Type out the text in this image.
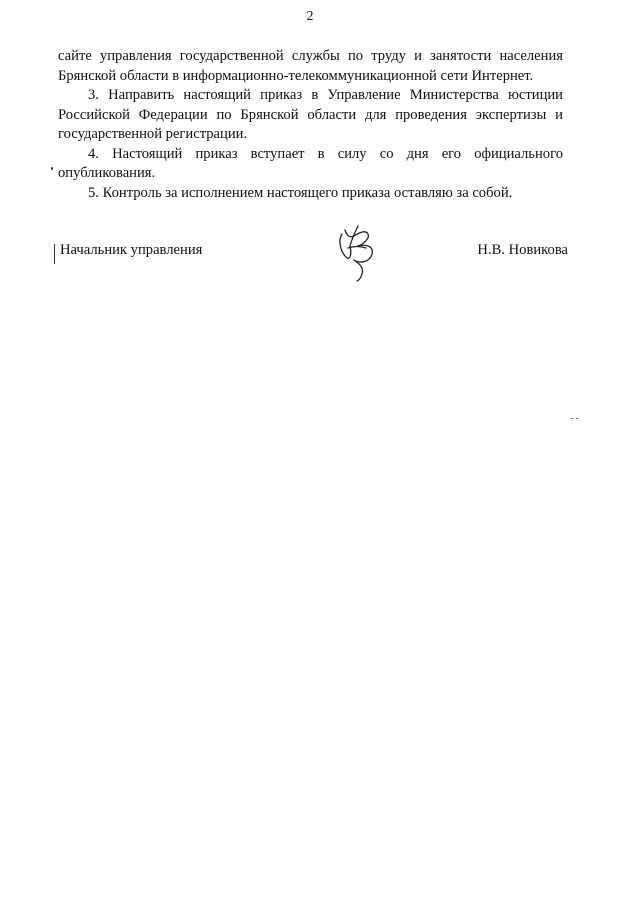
2

сайте управления государственной службы по труду и занятости населения Брянской области в информационно-телекоммуникационной сети Интернет.

3. Направить настоящий приказ в Управление Министерства юстиции Российской Федерации по Брянской области для проведения экспертизы и государственной регистрации.

4. Настоящий приказ вступает в силу со дня его официального опубликования.

5. Контроль за исполнением настоящего приказа оставляю за собой.

Начальник управления	Н.В. Новикова
